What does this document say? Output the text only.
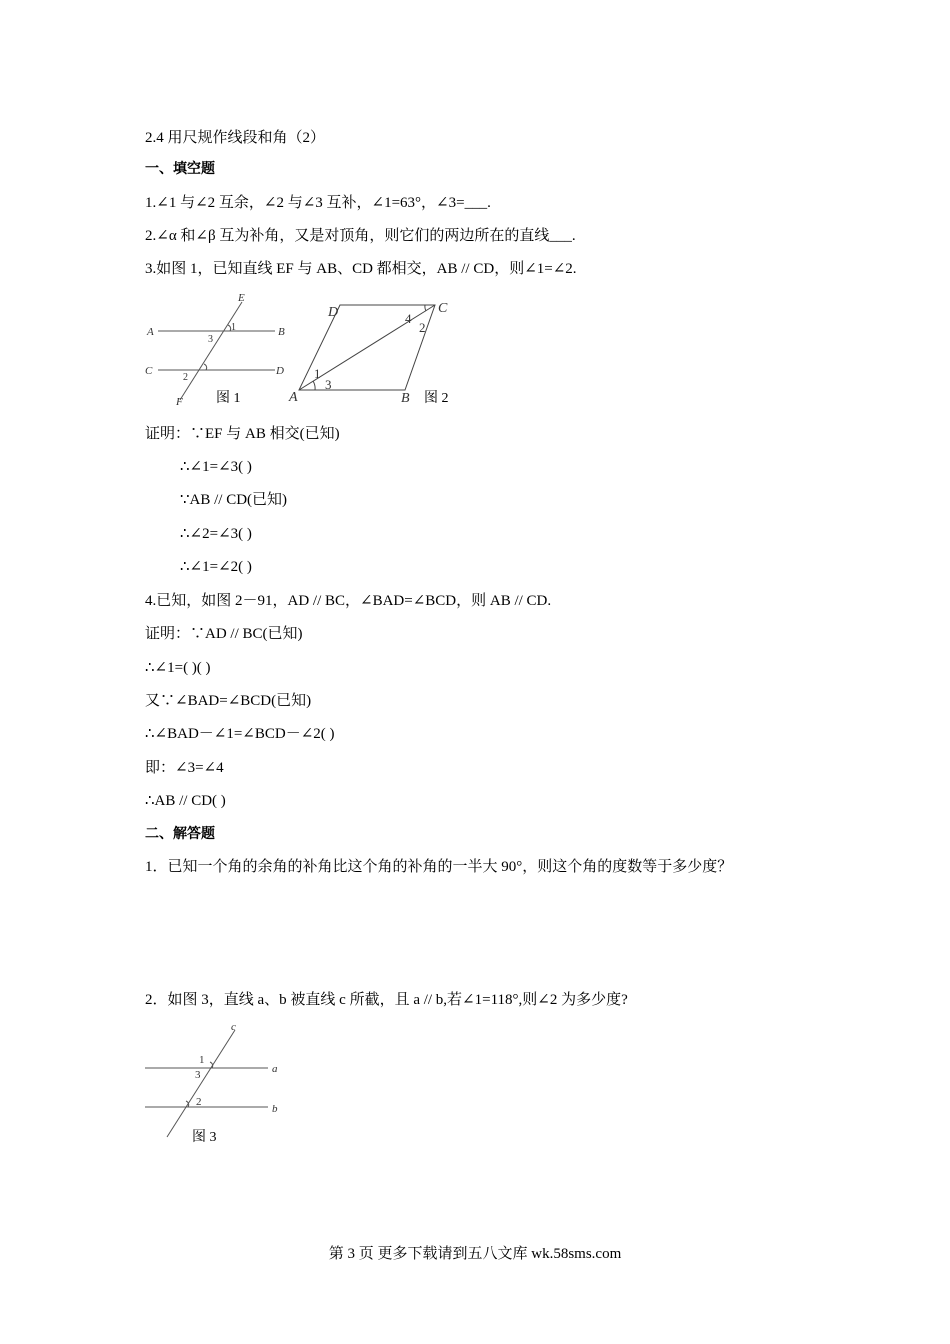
2.4 用尺规作线段和角（2）
一、填空题
1.∠1 与∠2 互余，∠2 与∠3 互补，∠1=63°，∠3=___.
2.∠α 和∠β 互为补角，又是对顶角，则它们的两边所在的直线___.
3.如图 1，已知直线 EF 与 AB、CD 都相交，AB // CD，则∠1=∠2.
E
A	B
C	D
F
1
3
2
图 1
D	C
A	B
1
3
4
2
图 2
证明：∵EF 与 AB 相交(已知)
∴∠1=∠3( )
∵AB // CD(已知)
∴∠2=∠3( )
∴∠1=∠2( )
4.已知，如图 2－91，AD // BC，∠BAD=∠BCD，则 AB // CD.
证明：∵AD // BC(已知)
∴∠1=( )( )
又∵∠BAD=∠BCD(已知)
∴∠BAD－∠1=∠BCD－∠2( )
即：∠3=∠4
∴AB // CD( )
二、解答题
1．已知一个角的余角的补角比这个角的补角的一半大 90°，则这个角的度数等于多少度？
2．如图 3，直线 a、b 被直线 c 所截，且 a // b,若∠1=118°,则∠2 为多少度?
c
a
b
1
3
2
图 3
第 3 页 更多下载请到五八文库 wk.58sms.com
